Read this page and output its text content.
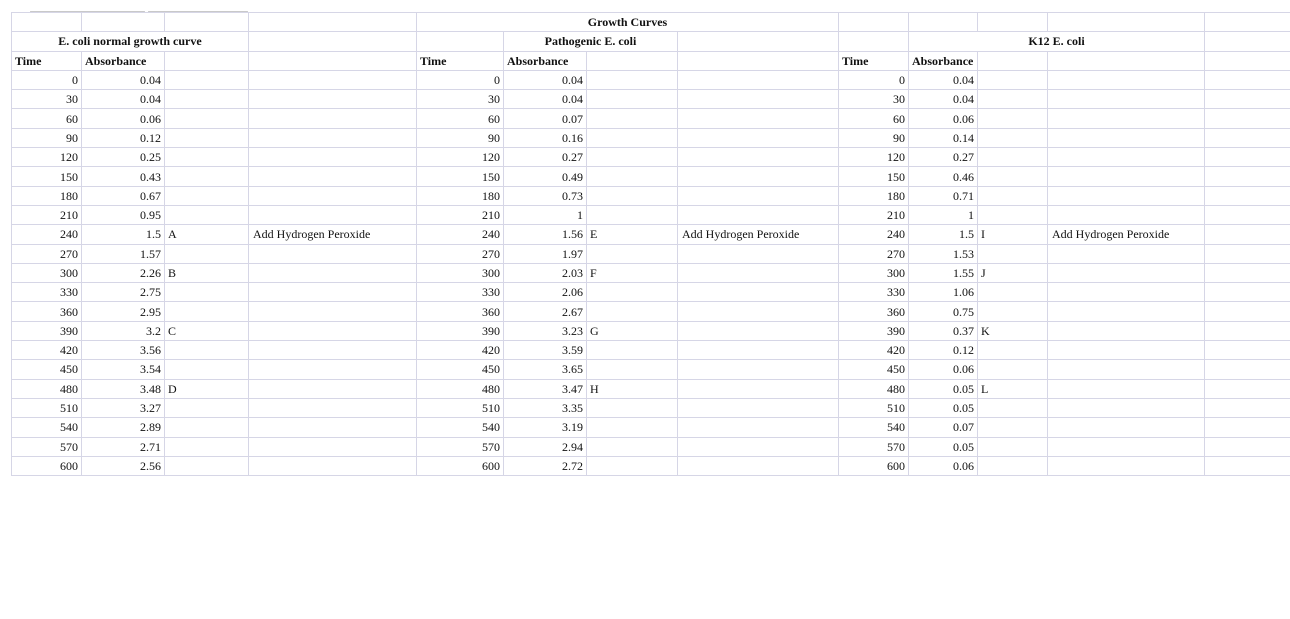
				Growth Curves										
E. coli normal growth curve					Pathogenic E. coli				K12 E. coli					
Time	Absorbance			Time	Absorbance			Time	Absorbance					
0	0.04			0	0.04			0	0.04					
30	0.04			30	0.04			30	0.04					
60	0.06			60	0.07			60	0.06					
90	0.12			90	0.16			90	0.14					
120	0.25			120	0.27			120	0.27					
150	0.43			150	0.49			150	0.46					
180	0.67			180	0.73			180	0.71					
210	0.95			210	1			210	1					
240	1.5	A	Add Hydrogen Peroxide	240	1.56	E	Add Hydrogen Peroxide	240	1.5	I	Add Hydrogen Peroxide			
270	1.57			270	1.97			270	1.53					
300	2.26	B		300	2.03	F		300	1.55	J				
330	2.75			330	2.06			330	1.06					
360	2.95			360	2.67			360	0.75					
390	3.2	C		390	3.23	G		390	0.37	K				
420	3.56			420	3.59			420	0.12					
450	3.54			450	3.65			450	0.06					
480	3.48	D		480	3.47	H		480	0.05	L				
510	3.27			510	3.35			510	0.05					
540	2.89			540	3.19			540	0.07					
570	2.71			570	2.94			570	0.05					
600	2.56			600	2.72			600	0.06					
